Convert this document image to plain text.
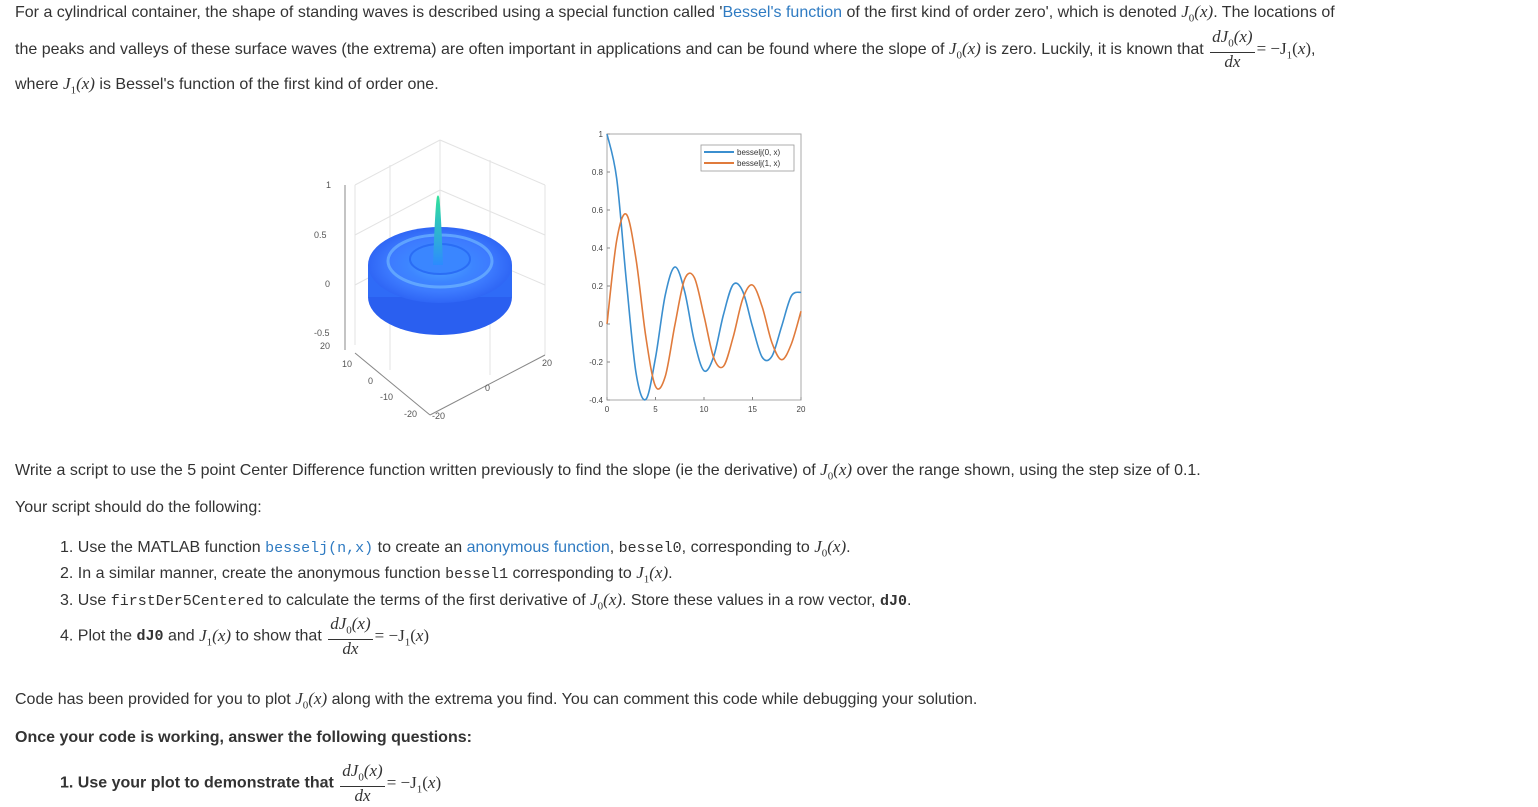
For a cylindrical container, the shape of standing waves is described using a special function called 'Bessel's function of the first kind of order zero', which is denoted $J_0(x)$. The locations of
the peaks and valleys of these surface waves (the extrema) are often important in applications and can be found where the slope of $J_0(x)$ is zero. Luckily, it is known that $\frac{dJ_0(x)}{dx} = -J_1(x)$,
where $J_1(x)$ is Bessel's function of the first kind of order one.
1
0.5
0
-0.5
20
10
0
-10
-20 -20
0
20
1
0.8
0.6
0.4
0.2
0
-0.2
-0.4
0	5	10	15	20
besselj(0, x)
besselj(1, x)
Write a script to use the 5 point Center Difference function written previously to find the slope (ie the derivative) of $J_0(x)$ over the range shown, using the step size of 0.1.
Your script should do the following:
1. Use the MATLAB function besselj(n,x) to create an anonymous function, bessel0, corresponding to $J_0(x)$.
2. In a similar manner, create the anonymous function bessel1 corresponding to $J_1(x)$.
3. Use firstDer5Centered to calculate the terms of the first derivative of $J_0(x)$. Store these values in a row vector, dJ0.
4. Plot the dJ0 and $J_1(x)$ to show that $\frac{dJ_0(x)}{dx} = -J_1(x)$
Code has been provided for you to plot $J_0(x)$ along with the extrema you find. You can comment this code while debugging your solution.
Once your code is working, answer the following questions:
1. Use your plot to demonstrate that $\frac{dJ_0(x)}{dx} = -J_1(x)$
